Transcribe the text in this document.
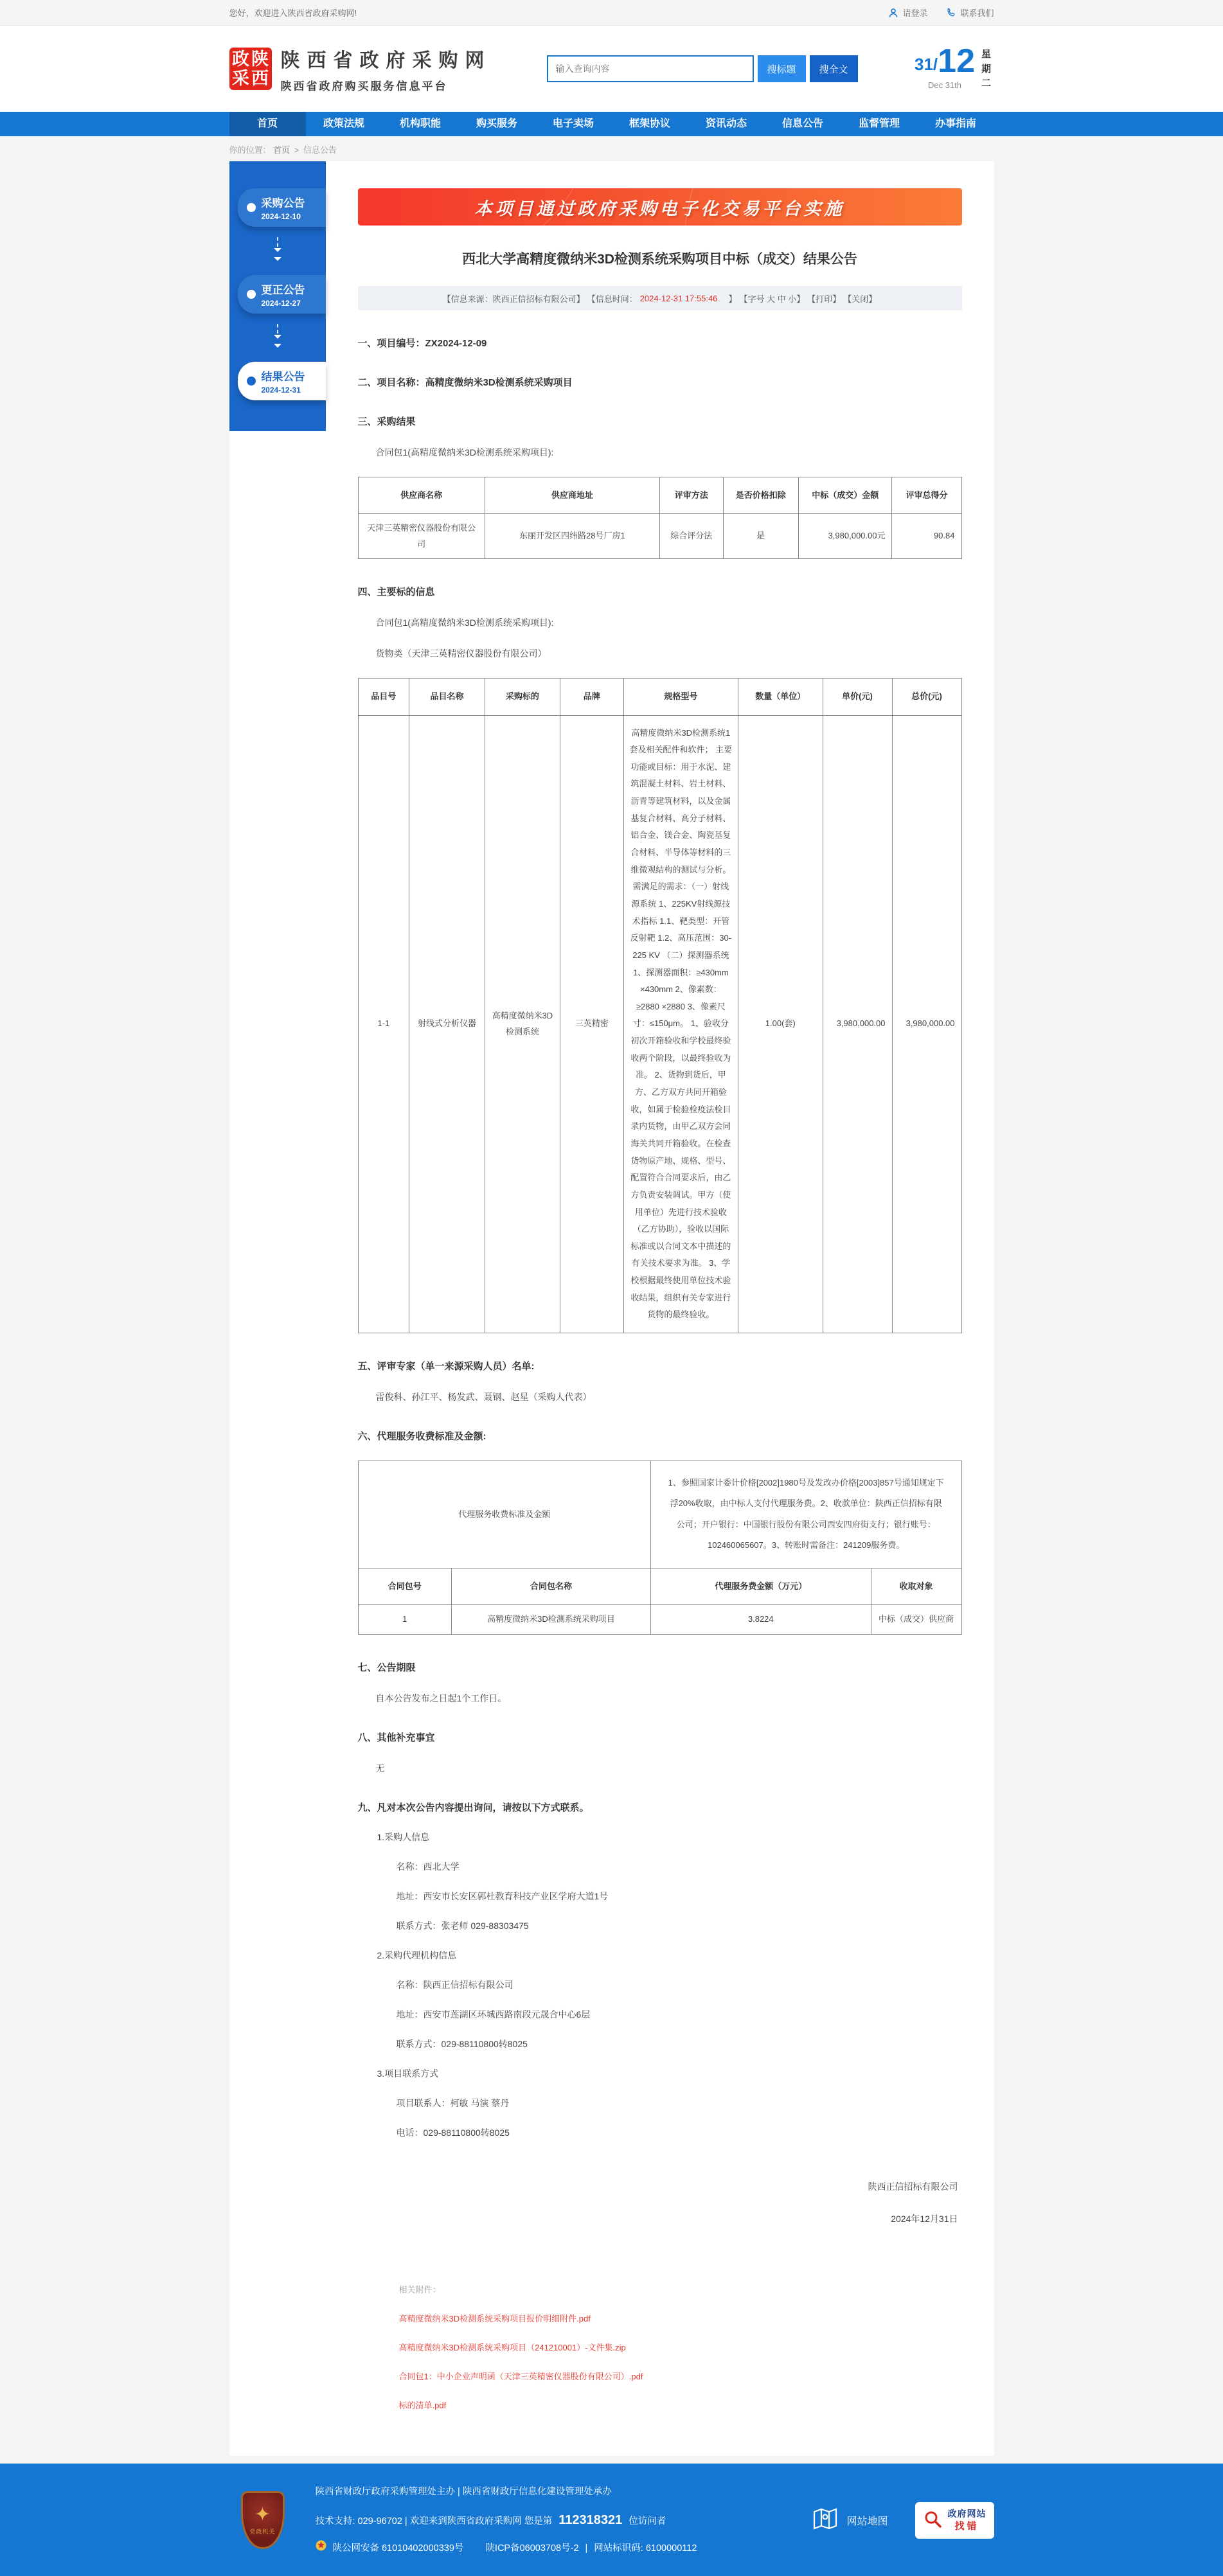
您好，欢迎进入陕西省政府采购网!	请登录	联系我们
政 陕
采 西
陕西省政府采购网
陕西省政府购买服务信息平台
输入查询内容
搜标题	搜全文	31/ 12
Dec 31th
星期二
首页	政策法规	机构职能	购买服务	电子卖场	框架协议	资讯动态	信息公告	监督管理	办事指南
你的位置： 首页 > 信息公告
采购公告
2024-12-10
更正公告
2024-12-27
结果公告
2024-12-31
本项目通过政府采购电子化交易平台实施
西北大学高精度微纳米3D检测系统采购项目中标（成交）结果公告
【信息来源：陕西正信招标有限公司】 【信息时间： 2024-12-31 17:55:46 　】 【字号 大 中 小】 【打印】 【关闭】
一、项目编号：ZX2024-12-09
二、项目名称：高精度微纳米3D检测系统采购项目
三、采购结果
合同包1(高精度微纳米3D检测系统采购项目):
供应商名称	供应商地址	评审方法	是否价格扣除	中标（成交）金额	评审总得分
天津三英精密仪器股份有限公司	东丽开发区四纬路28号厂房1	综合评分法	是	3,980,000.00元	90.84
四、主要标的信息
合同包1(高精度微纳米3D检测系统采购项目):
货物类（天津三英精密仪器股份有限公司）
品目号	品目名称	采购标的	品牌	规格型号	数量（单位）	单价(元)	总价(元)
1-1	射线式分析仪器	高精度微纳米3D检测系统	三英精密	高精度微纳米3D检测系统1套及相关配件和软件； 主要功能或目标：用于水泥、建筑混凝土材料、岩土材料、沥青等建筑材料，以及金属基复合材料、高分子材料、铝合金、镁合金、陶瓷基复合材料、半导体等材料的三维微观结构的测试与分析。 需满足的需求：（一）射线源系统 1、225KV射线源技术指标 1.1、靶类型：开管反射靶 1.2、高压范围：30-225 KV （二）探测器系统 1、探测器面积：≥430mm ×430mm 2、像素数：≥2880 ×2880 3、像素尺寸：≤150μm。 1、验收分初次开箱验收和学校最终验收两个阶段，以最终验收为准。 2、货物到货后，甲方、乙方双方共同开箱验收，如属于检验检疫法检目录内货物，由甲乙双方会同海关共同开箱验收。在检查货物原产地、规格、型号、配置符合合同要求后，由乙方负责安装调试。甲方（使用单位）先进行技术验收（乙方协助），验收以国际标准或以合同文本中描述的有关技术要求为准。 3、学校根据最终使用单位技术验收结果，组织有关专家进行货物的最终验收。	1.00(套)	3,980,000.00	3,980,000.00
五、评审专家（单一来源采购人员）名单:
雷俊科、孙江平、杨发武、聂钢、赵星（采购人代表）
六、代理服务收费标准及金额:
代理服务收费标准及金额		1、参照国家计委计价格[2002]1980号及发改办价格[2003]857号通知规定下浮20%收取，由中标人支付代理服务费。2、收款单位：陕西正信招标有限公司；开户银行：中国银行股份有限公司西安四府街支行；银行账号：102460065607。3、转账时需备注：241209服务费。	
合同包号	合同包名称	代理服务费金额（万元）	收取对象
1	高精度微纳米3D检测系统采购项目	3.8224	中标（成交）供应商
七、公告期限
自本公告发布之日起1个工作日。
八、其他补充事宜
无
九、凡对本次公告内容提出询问，请按以下方式联系。
1.采购人信息
名称：西北大学
地址：西安市长安区郭杜教育科技产业区学府大道1号
联系方式：张老师 029-88303475
2.采购代理机构信息
名称：陕西正信招标有限公司
地址：西安市莲湖区环城西路南段元晟合中心6层
联系方式：029-88110800转8025
3.项目联系方式
项目联系人：柯敏 马演 蔡丹
电话：029-88110800转8025
陕西正信招标有限公司
2024年12月31日
相关附件：
高精度微纳米3D检测系统采购项目报价明细附件.pdf
高精度微纳米3D检测系统采购项目（241210001）-文件集.zip
合同包1：中小企业声明函（天津三英精密仪器股份有限公司）.pdf
标的清单.pdf
✦
党政机关
陕西省财政厅政府采购管理处主办 | 陕西省财政厅信息化建设管理处承办
技术支持: 029-96702 | 欢迎来到陕西省政府采购网 您是第 112318321 位访问者
陕公网安备 61010402000339号 陕ICP备06003708号-2 | 网站标识码: 6100000112
网站地图
政府网站
找错
